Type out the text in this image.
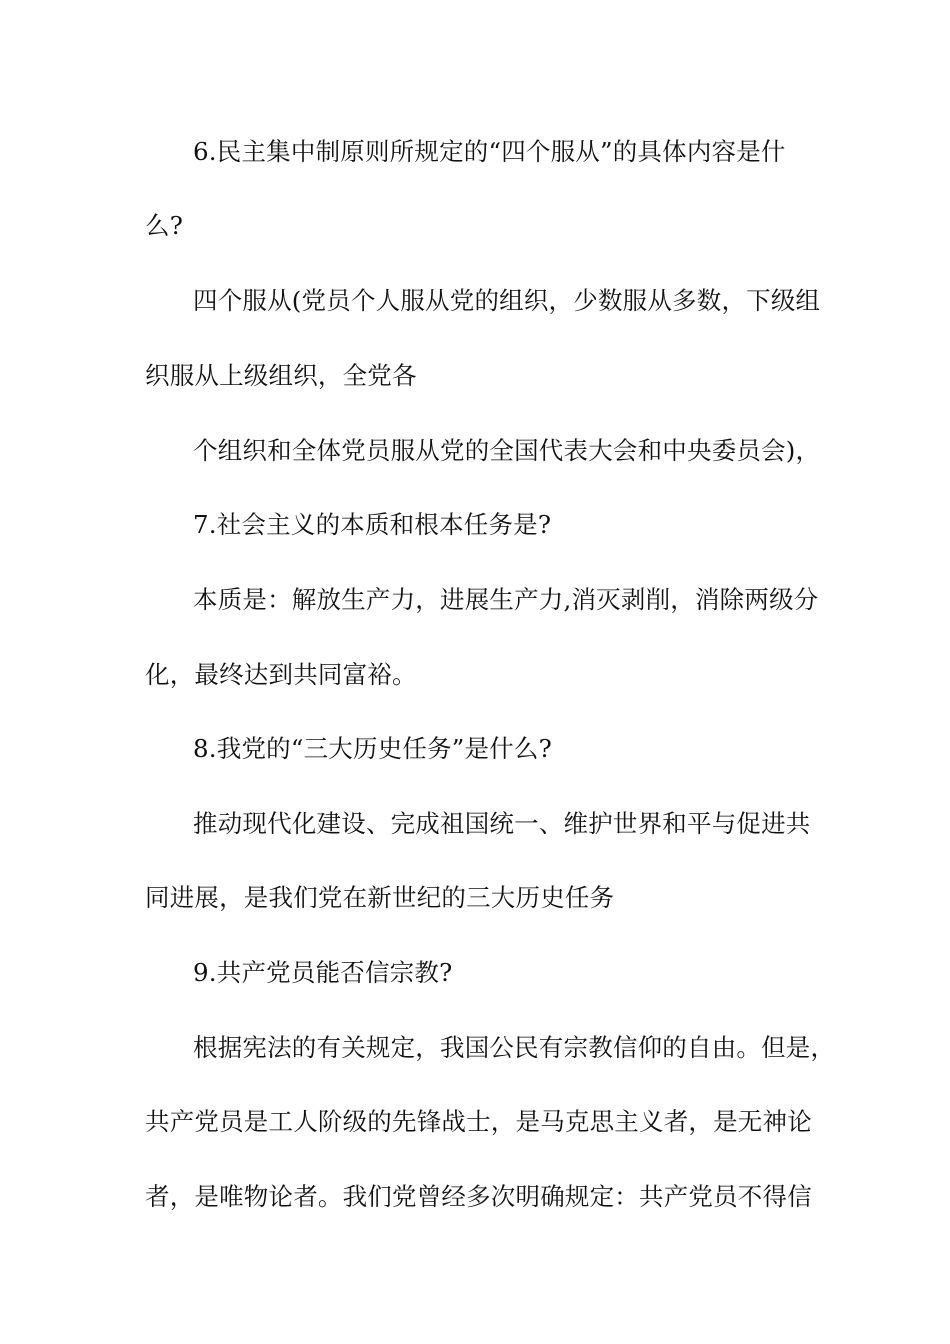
6.民主集中制原则所规定的“四个服从”的具体内容是什
么?
四个服从(党员个人服从党的组织，少数服从多数，下级组
织服从上级组织，全党各
个组织和全体党员服从党的全国代表大会和中央委员会)，
7.社会主义的本质和根本任务是?
本质是：解放生产力，进展生产力,消灭剥削，消除两级分
化，最终达到共同富裕。
8.我党的“三大历史任务”是什么?
推动现代化建设、完成祖国统一、维护世界和平与促进共
同进展，是我们党在新世纪的三大历史任务
9.共产党员能否信宗教?
根据宪法的有关规定，我国公民有宗教信仰的自由。但是，
共产党员是工人阶级的先锋战士，是马克思主义者，是无神论
者，是唯物论者。我们党曾经多次明确规定：共产党员不得信
